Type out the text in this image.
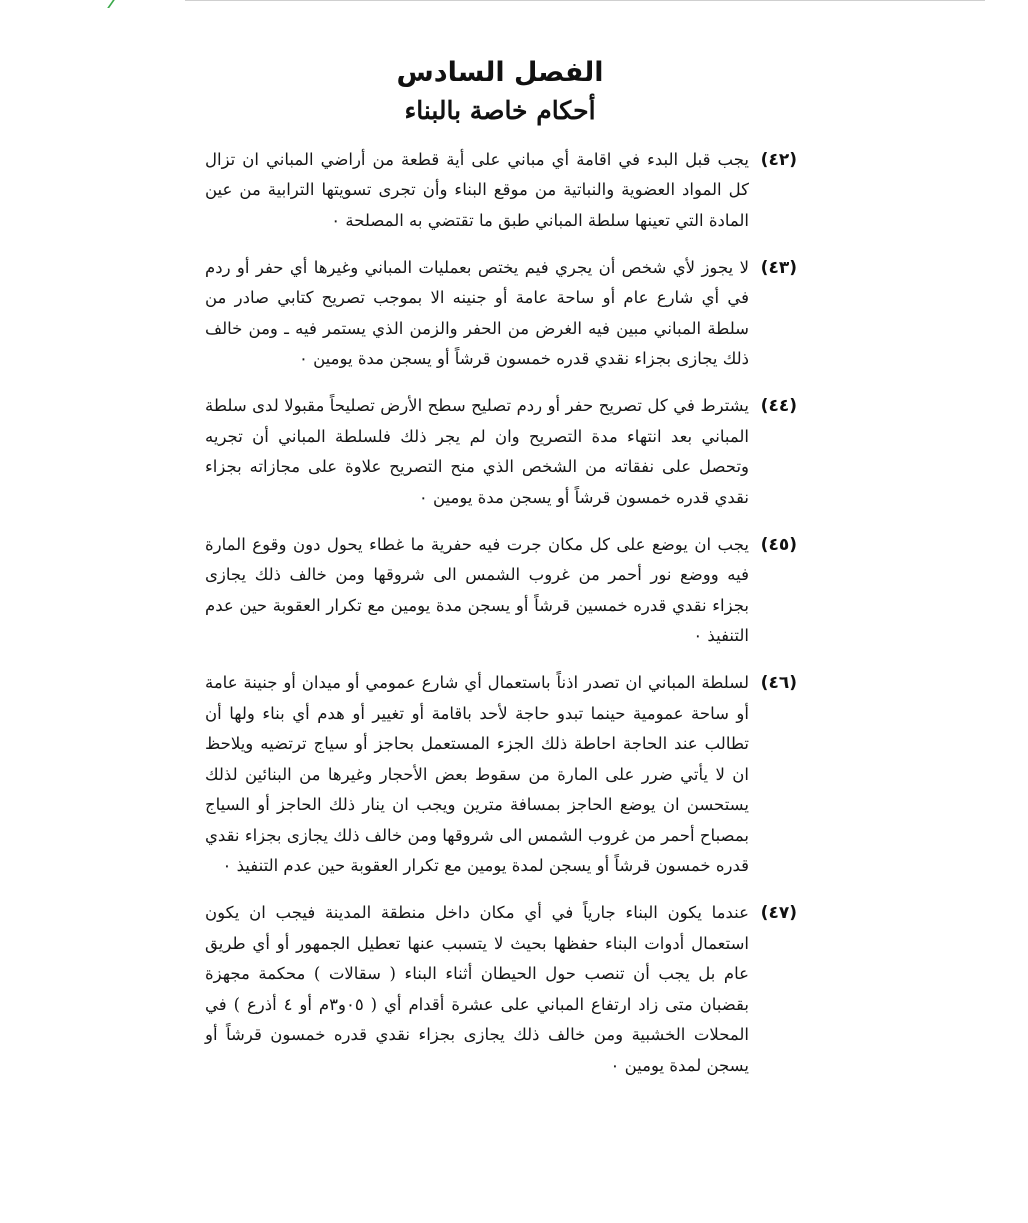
الفصل السادس
أحكام خاصة بالبناء
(٤٢)

يجب قبل البدء في اقامة أي مباني على أية قطعة من أراضي المباني ان تزال كل المواد العضوية والنباتية من موقع البناء وأن تجرى تسويتها الترابية من عين المادة التي تعينها سلطة المباني طبق ما تقتضي به المصلحة ٠

(٤٣)

لا يجوز لأي شخص أن يجري فيم يختص بعمليات المباني وغيرها أي حفر أو ردم في أي شارع عام أو ساحة عامة أو جنينه الا بموجب تصريح كتابي صادر من سلطة المباني مبين فيه الغرض من الحفر والزمن الذي يستمر فيه ـ ومن خالف ذلك يجازى بجزاء نقدي قدره خمسون قرشاً أو يسجن مدة يومين ٠

(٤٤)

يشترط في كل تصريح حفر أو ردم تصليح سطح الأرض تصليحاً مقبولا لدى سلطة المباني بعد انتهاء مدة التصريح وان لم يجر ذلك فلسلطة المباني أن تجريه وتحصل على نفقاته من الشخص الذي منح التصريح علاوة على مجازاته بجزاء نقدي قدره خمسون قرشاً أو يسجن مدة يومين ٠

(٤٥)

يجب ان يوضع على كل مكان جرت فيه حفرية ما غطاء يحول دون وقوع المارة فيه ووضع نور أحمر من غروب الشمس الى شروقها ومن خالف ذلك يجازى بجزاء نقدي قدره خمسين قرشاً أو يسجن مدة يومين مع تكرار العقوبة حين عدم التنفيذ ٠

(٤٦)

لسلطة المباني ان تصدر اذناً باستعمال أي شارع عمومي أو ميدان أو جنينة عامة أو ساحة عمومية حينما تبدو حاجة لأحد باقامة أو تغيير أو هدم أي بناء ولها أن تطالب عند الحاجة احاطة ذلك الجزء المستعمل بحاجز أو سياج ترتضيه ويلاحظ ان لا يأتي ضرر على المارة من سقوط بعض الأحجار وغيرها من البنائين لذلك يستحسن ان يوضع الحاجز بمسافة مترين ويجب ان ينار ذلك الحاجز أو السياج بمصباح أحمر من غروب الشمس الى شروقها ومن خالف ذلك يجازى بجزاء نقدي قدره خمسون قرشاً أو يسجن لمدة يومين مع تكرار العقوبة حين عدم التنفيذ ٠

(٤٧)

عندما يكون البناء جارياً في أي مكان داخل منطقة المدينة فيجب ان يكون استعمال أدوات البناء حفظها بحيث لا يتسبب عنها تعطيل الجمهور أو أي طريق عام بل يجب أن تنصب حول الحيطان أثناء البناء ( سقالات ) محكمة مجهزة بقضبان متى زاد ارتفاع المباني على عشرة أقدام أي ( ٠٥و٣م أو ٤ أذرع ) في المحلات الخشبية ومن خالف ذلك يجازى بجزاء نقدي قدره خمسون قرشاً أو يسجن لمدة يومين ٠
